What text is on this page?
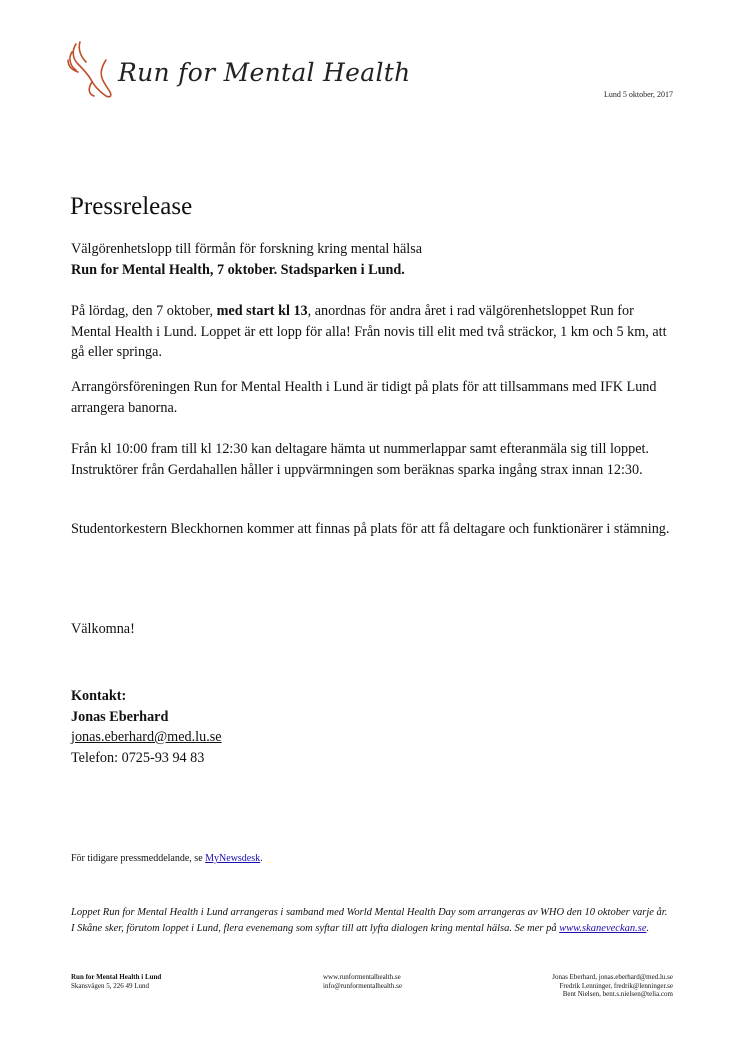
Run for Mental Health
Lund 5 oktober, 2017
Pressrelease
Välgörenhetslopp till förmån för forskning kring mental hälsa
Run for Mental Health, 7 oktober. Stadsparken i Lund.
På lördag, den 7 oktober, med start kl 13, anordnas för andra året i rad välgörenhetsloppet Run for Mental Health i Lund. Loppet är ett lopp för alla! Från novis till elit med två sträckor, 1 km och 5 km, att gå eller springa.
Arrangörsföreningen Run for Mental Health i Lund är tidigt på plats för att tillsammans med IFK Lund arrangera banorna.
Från kl 10:00 fram till kl 12:30 kan deltagare hämta ut nummerlappar samt efteranmäla sig till loppet. Instruktörer från Gerdahallen håller i uppvärmningen som beräknas sparka ingång strax innan 12:30.
Studentorkestern Bleckhornen kommer att finnas på plats för att få deltagare och funktionärer i stämning.
Välkomna!
Kontakt:
Jonas Eberhard
jonas.eberhard@med.lu.se
Telefon: 0725-93 94 83
För tidigare pressmeddelande, se MyNewsdesk.
Loppet Run for Mental Health i Lund arrangeras i samband med World Mental Health Day som arrangeras av WHO den 10 oktober varje år. I Skåne sker, förutom loppet i Lund, flera evenemang som syftar till att lyfta dialogen kring mental hälsa. Se mer på www.skaneveckan.se.
Run for Mental Health i Lund
Skansvägen 5, 226 49 Lund
www.runformentalhealth.se
info@runformentalhealth.se
Jonas Eberhard, jonas.eberhard@med.lu.se
Fredrik Lenninger, fredrik@lenninger.se
Bent Nielsen, bent.s.nielsen@telia.com
